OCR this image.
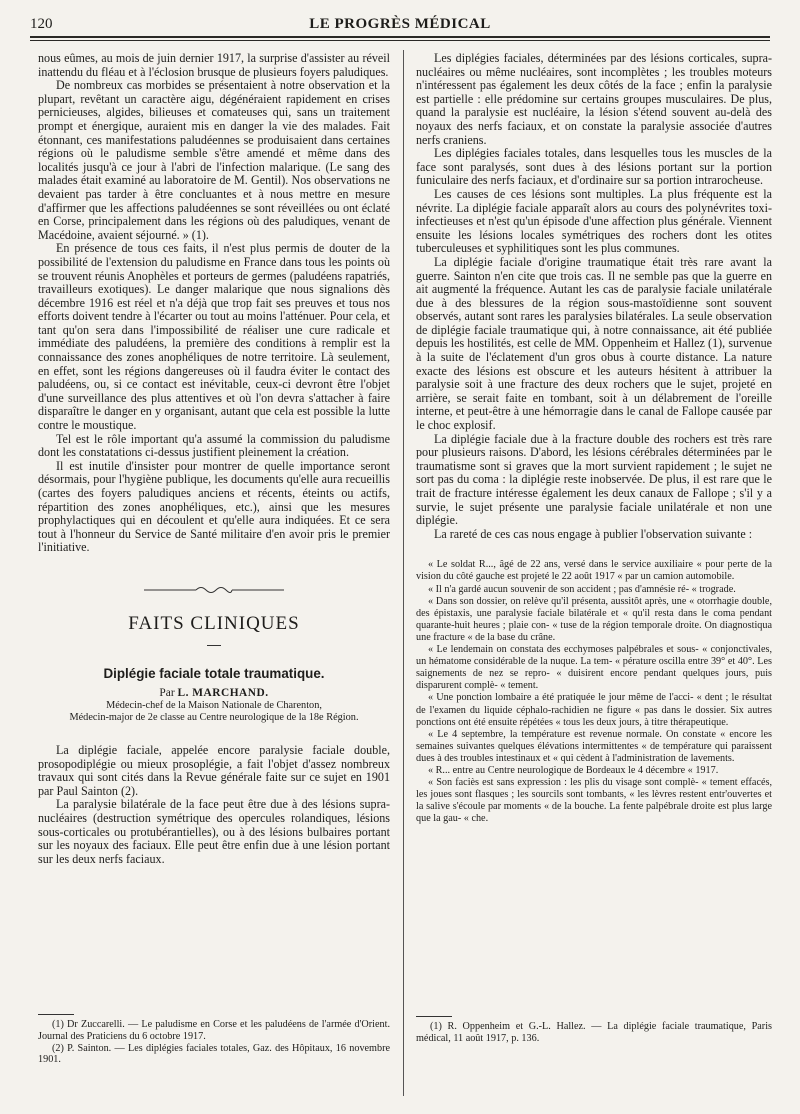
120	LE PROGRÈS MÉDICAL

nous eûmes, au mois de juin dernier 1917, la surprise d'assister au réveil inattendu du fléau et à l'éclosion brusque de plusieurs foyers paludiques.

De nombreux cas morbides se présentaient à notre observation et la plupart, revêtant un caractère aigu, dégénéraient rapidement en crises pernicieuses, algides, bilieuses et comateuses qui, sans un traitement prompt et énergique, auraient mis en danger la vie des malades. Fait étonnant, ces manifestations paludéennes se produisaient dans certaines régions où le paludisme semble s'être amendé et même dans des localités jusqu'à ce jour à l'abri de l'infection malarique. (Le sang des malades était examiné au laboratoire de M. Gentil). Nos observations ne devaient pas tarder à être concluantes et à nous mettre en mesure d'affirmer que les affections paludéennes se sont réveillées ou ont éclaté en Corse, principalement dans les régions où des paludiques, venant de Macédoine, avaient séjourné. » (1).

En présence de tous ces faits, il n'est plus permis de douter de la possibilité de l'extension du paludisme en France dans tous les points où se trouvent réunis Anophèles et porteurs de germes (paludéens rapatriés, travailleurs exotiques). Le danger malarique que nous signalions dès décembre 1916 est réel et n'a déjà que trop fait ses preuves et tous nos efforts doivent tendre à l'écarter ou tout au moins l'atténuer. Pour cela, et tant qu'on sera dans l'impossibilité de réaliser une cure radicale et immédiate des paludéens, la première des conditions à remplir est la connaissance des zones anophéliques de notre territoire. Là seulement, en effet, sont les régions dangereuses où il faudra éviter le contact des paludéens, ou, si ce contact est inévitable, ceux-ci devront être l'objet d'une surveillance des plus attentives et où l'on devra s'attacher à faire disparaître le danger en y organisant, autant que cela est possible la lutte contre le moustique.

Tel est le rôle important qu'a assumé la commission du paludisme dont les constatations ci-dessus justifient pleinement la création.

Il est inutile d'insister pour montrer de quelle importance seront désormais, pour l'hygiène publique, les documents qu'elle aura recueillis (cartes des foyers paludiques anciens et récents, éteints ou actifs, répartition des zones anophéliques, etc.), ainsi que les mesures prophylactiques qui en découlent et qu'elle aura indiquées. Et ce sera tout à l'honneur du Service de Santé militaire d'en avoir pris le premier l'initiative.

FAITS CLINIQUES
Diplégie faciale totale traumatique.
Par L. MARCHAND.

Médecin-chef de la Maison Nationale de Charenton,

Médecin-major de 2e classe au Centre neurologique de la 18e Région.

La diplégie faciale, appelée encore paralysie faciale double, prosopodiplégie ou mieux prosoplégie, a fait l'objet d'assez nombreux travaux qui sont cités dans la Revue générale faite sur ce sujet en 1901 par Paul Sainton (2).

La paralysie bilatérale de la face peut être due à des lésions supra-nucléaires (destruction symétrique des opercules rolandiques, lésions sous-corticales ou protubérantielles), ou à des lésions bulbaires portant sur les noyaux des faciaux. Elle peut être enfin due à une lésion portant sur les deux nerfs faciaux.

(1) Dr Zuccarelli. — Le paludisme en Corse et les paludéens de l'armée d'Orient. Journal des Praticiens du 6 octobre 1917.

(2) P. Sainton. — Les diplégies faciales totales, Gaz. des Hôpitaux, 16 novembre 1901.

Les diplégies faciales, déterminées par des lésions corticales, supra-nucléaires ou même nucléaires, sont incomplètes ; les troubles moteurs n'intéressent pas également les deux côtés de la face ; enfin la paralysie est partielle : elle prédomine sur certains groupes musculaires. De plus, quand la paralysie est nucléaire, la lésion s'étend souvent au-delà des noyaux des nerfs faciaux, et on constate la paralysie associée d'autres nerfs craniens.

Les diplégies faciales totales, dans lesquelles tous les muscles de la face sont paralysés, sont dues à des lésions portant sur la portion funiculaire des nerfs faciaux, et d'ordinaire sur sa portion intrarocheuse.

Les causes de ces lésions sont multiples. La plus fréquente est la névrite. La diplégie faciale apparaît alors au cours des polynévrites toxi-infectieuses et n'est qu'un épisode d'une affection plus générale. Viennent ensuite les lésions locales symétriques des rochers dont les otites tuberculeuses et syphilitiques sont les plus communes.

La diplégie faciale d'origine traumatique était très rare avant la guerre. Sainton n'en cite que trois cas. Il ne semble pas que la guerre en ait augmenté la fréquence. Autant les cas de paralysie faciale unilatérale due à des blessures de la région sous-mastoïdienne sont souvent observés, autant sont rares les paralysies bilatérales. La seule observation de diplégie faciale traumatique qui, à notre connaissance, ait été publiée depuis les hostilités, est celle de MM. Oppenheim et Hallez (1), survenue à la suite de l'éclatement d'un gros obus à courte distance. La nature exacte des lésions est obscure et les auteurs hésitent à attribuer la paralysie soit à une fracture des deux rochers que le sujet, projeté en arrière, se serait faite en tombant, soit à un délabrement de l'oreille interne, et peut-être à une hémorragie dans le canal de Fallope causée par le choc explosif.

La diplégie faciale due à la fracture double des rochers est très rare pour plusieurs raisons. D'abord, les lésions cérébrales déterminées par le traumatisme sont si graves que la mort survient rapidement ; le sujet ne sort pas du coma : la diplégie reste inobservée. De plus, il est rare que le trait de fracture intéresse également les deux canaux de Fallope ; s'il y a survie, le sujet présente une paralysie faciale unilatérale et non une diplégie.

La rareté de ces cas nous engage à publier l'observation suivante :

« Le soldat R..., âgé de 22 ans, versé dans le service auxiliaire « pour perte de la vision du côté gauche est projeté le 22 août 1917 « par un camion automobile.

« Il n'a gardé aucun souvenir de son accident ; pas d'amnésie ré- « trograde.

« Dans son dossier, on relève qu'il présenta, aussitôt après, une « otorrhagie double, des épistaxis, une paralysie faciale bilatérale et « qu'il resta dans le coma pendant quarante-huit heures ; plaie con- « tuse de la région temporale droite. On diagnostiqua une fracture « de la base du crâne.

« Le lendemain on constata des ecchymoses palpébrales et sous- « conjonctivales, un hématome considérable de la nuque. La tem- « pérature oscilla entre 39° et 40°. Les saignements de nez se repro- « duisirent encore pendant quelques jours, puis disparurent complè- « tement.

« Une ponction lombaire a été pratiquée le jour même de l'acci- « dent ; le résultat de l'examen du liquide céphalo-rachidien ne figure « pas dans le dossier. Six autres ponctions ont été ensuite répétées « tous les deux jours, à titre thérapeutique.

« Le 4 septembre, la température est revenue normale. On constate « encore les semaines suivantes quelques élévations intermittentes « de température qui paraissent dues à des troubles intestinaux et « qui cèdent à l'administration de lavements.

« R... entre au Centre neurologique de Bordeaux le 4 décembre « 1917.

« Son faciès est sans expression : les plis du visage sont complè- « tement effacés, les joues sont flasques ; les sourcils sont tombants, « les lèvres restent entr'ouvertes et la salive s'écoule par moments « de la bouche. La fente palpébrale droite est plus large que la gau- « che.

(1) R. Oppenheim et G.-L. Hallez. — La diplégie faciale traumatique, Paris médical, 11 août 1917, p. 136.
